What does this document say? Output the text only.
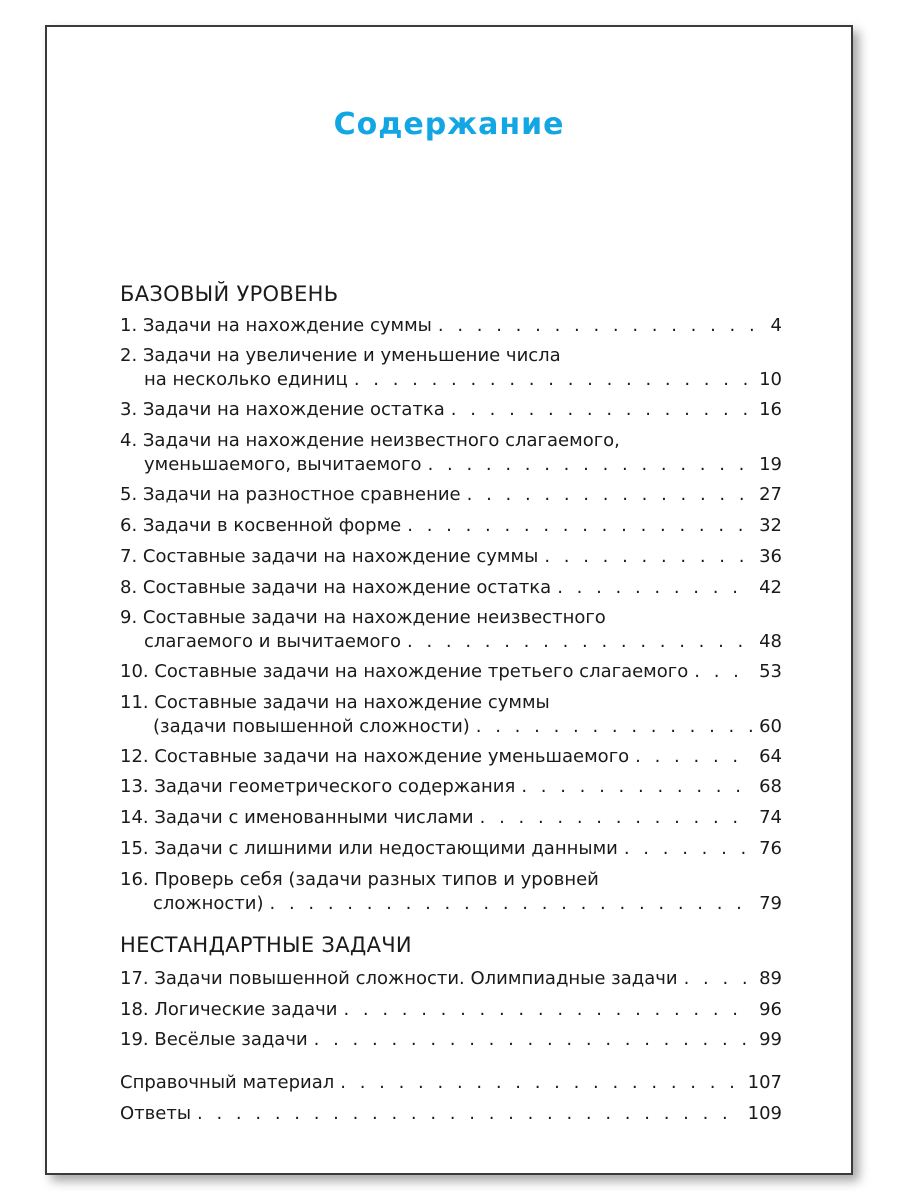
Содержание
БАЗОВЫЙ УРОВЕНЬ
1. Задачи на нахождение суммы . . .	4
2. Задачи на увеличение и уменьшение числа
на несколько единиц . . .	10
3. Задачи на нахождение остатка . . .	16
4. Задачи на нахождение неизвестного слагаемого,
уменьшаемого, вычитаемого . . .	19
5. Задачи на разностное сравнение . . .	27
6. Задачи в косвенной форме . . .	32
7. Составные задачи на нахождение суммы . . .	36
8. Составные задачи на нахождение остатка . . .	42
9. Составные задачи на нахождение неизвестного
слагаемого и вычитаемого . . .	48
10. Составные задачи на нахождение третьего слагаемого . . .	53
11. Составные задачи на нахождение суммы
(задачи повышенной сложности) . . .	60
12. Составные задачи на нахождение уменьшаемого . . .	64
13. Задачи геометрического содержания . . .	68
14. Задачи с именованными числами . . .	74
15. Задачи с лишними или недостающими данными . . .	76
16. Проверь себя (задачи разных типов и уровней
сложности) . . .	79
НЕСТАНДАРТНЫЕ ЗАДАЧИ
17. Задачи повышенной сложности. Олимпиадные задачи . . .	89
18. Логические задачи . . .	96
19. Весёлые задачи . . .	99
Справочный материал . . .	107
Ответы . . .	109
